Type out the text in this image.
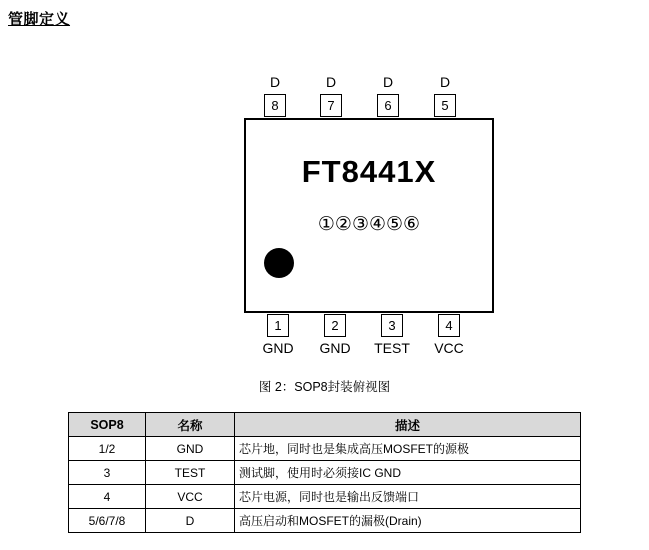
管脚定义
D	D	D	D
8	7	6	5
FT8441X
①②③④⑤⑥
1	2	3	4
GND	GND	TEST	VCC
图 2：SOP8封装俯视图
SOP8	名称	描述
1/2	GND	芯片地，同时也是集成高压MOSFET的源极
3	TEST	测试脚，使用时必须接IC GND
4	VCC	芯片电源，同时也是输出反馈端口
5/6/7/8	D	高压启动和MOSFET的漏极(Drain)
